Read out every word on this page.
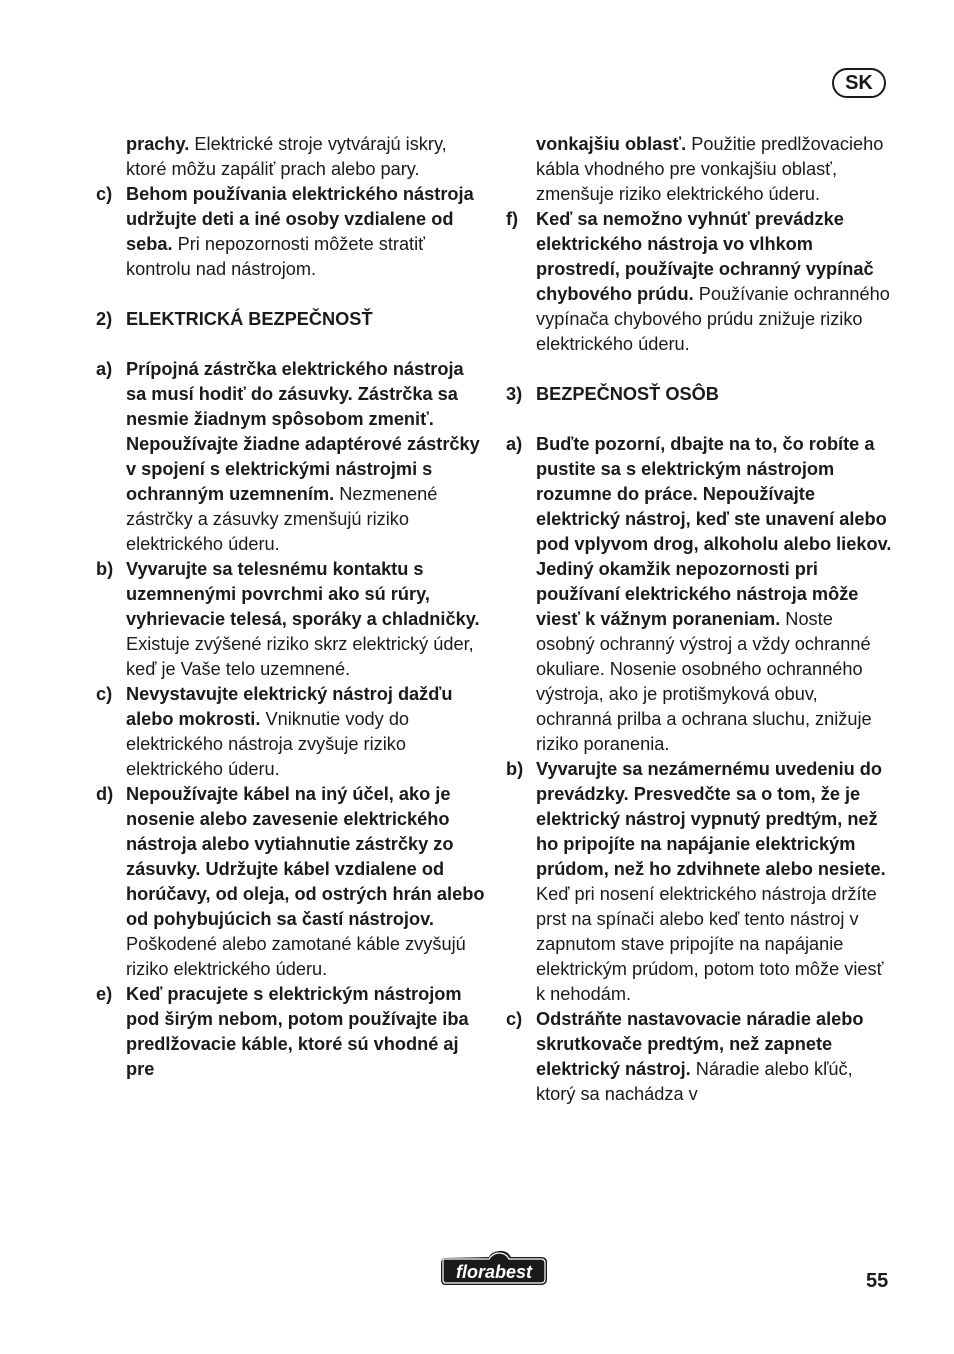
SK

prachy. Elektrické stroje vytvárajú iskry, ktoré môžu zapáliť prach alebo pary.

c) Behom používania elektrického nástroja udržujte deti a iné osoby vzdialene od seba. Pri nepozornosti môžete stratiť kontrolu nad nástrojom.

2) ELEKTRICKÁ BEZPEČNOSŤ

a) Prípojná zástrčka elektrického nástroja sa musí hodiť do zásuvky. Zástrčka sa nesmie žiadnym spôsobom zmeniť. Nepoužívajte žiadne adaptérové zástrčky v spojení s elektrickými nástrojmi s ochranným uzemnením. Nezmenené zástrčky a zásuvky zmenšujú riziko elektrického úderu.

b) Vyvarujte sa telesnému kontaktu s uzemnenými povrchmi ako sú rúry, vyhrievacie telesá, sporáky a chladničky. Existuje zvýšené riziko skrz elektrický úder, keď je Vaše telo uzemnené.

c) Nevystavujte elektrický nástroj dažďu alebo mokrosti. Vniknutie vody do elektrického nástroja zvyšuje riziko elektrického úderu.

d) Nepoužívajte kábel na iný účel, ako je nosenie alebo zavesenie elektrického nástroja alebo vytiahnutie zástrčky zo zásuvky. Udržujte kábel vzdialene od horúčavy, od oleja, od ostrých hrán alebo od pohybujúcich sa častí nástrojov. Poškodené alebo zamotané káble zvyšujú riziko elektrického úderu.

e) Keď pracujete s elektrickým nástrojom pod širým nebom, potom používajte iba predlžovacie káble, ktoré sú vhodné aj pre

vonkajšiu oblasť. Použitie predlžovacieho kábla vhodného pre vonkajšiu oblasť, zmenšuje riziko elektrického úderu.

f) Keď sa nemožno vyhnúť prevádzke elektrického nástroja vo vlhkom prostredí, používajte ochranný vypínač chybového prúdu. Používanie ochranného vypínača chybového prúdu znižuje riziko elektrického úderu.

3) BEZPEČNOSŤ OSÔB

a) Buďte pozorní, dbajte na to, čo robíte a pustite sa s elektrickým nástrojom rozumne do práce. Nepoužívajte elektrický nástroj, keď ste unavení alebo pod vplyvom drog, alkoholu alebo liekov. Jediný okamžik nepozornosti pri používaní elektrického nástroja môže viesť k vážnym poraneniam. Noste osobný ochranný výstroj a vždy ochranné okuliare. Nosenie osobného ochranného výstroja, ako je protišmyková obuv, ochranná prilba a ochrana sluchu, znižuje riziko poranenia.

b) Vyvarujte sa nezámernému uvedeniu do prevádzky. Presvedčte sa o tom, že je elektrický nástroj vypnutý predtým, než ho pripojíte na napájanie elektrickým prúdom, než ho zdvihnete alebo nesiete. Keď pri nosení elektrického nástroja držíte prst na spínači alebo keď tento nástroj v zapnutom stave pripojíte na napájanie elektrickým prúdom, potom toto môže viesť k nehodám.

c) Odstráňte nastavovacie náradie alebo skrutkovače predtým, než zapnete elektrický nástroj. Náradie alebo kľúč, ktorý sa nachádza v

florabest	55
